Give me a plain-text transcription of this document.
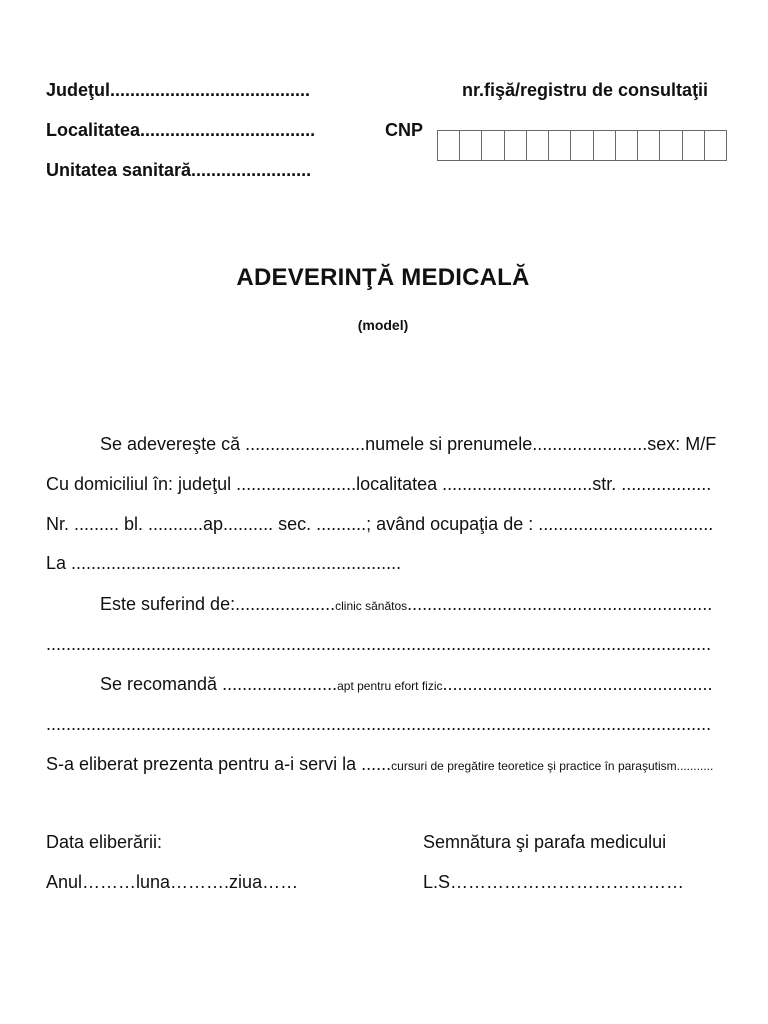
Judeţul........................................	nr.fişă/registru de consultaţii
Localitatea...................................	CNP
Unitatea sanitară........................
ADEVERINŢĂ MEDICALĂ
(model)
Se adevereşte că ........................numele si prenumele.......................sex: M/F
Cu domiciliul în: judeţul ........................localitatea ..............................str. ..................
Nr. ......... bl. ...........ap.......... sec. ..........; având ocupaţia de : ...................................
La ..................................................................
Este suferind de:....................clinic sănătos.............................................................
.....................................................................................................................................
Se recomandă .......................apt pentru efort fizic......................................................
.....................................................................................................................................
S-a eliberat prezenta pentru a-i servi la ......cursuri de pregătire teoretice şi practice în paraşutism...........
Data eliberării:	Semnătura şi parafa medicului
Anul………luna……….ziua……	L.S…………………………………
